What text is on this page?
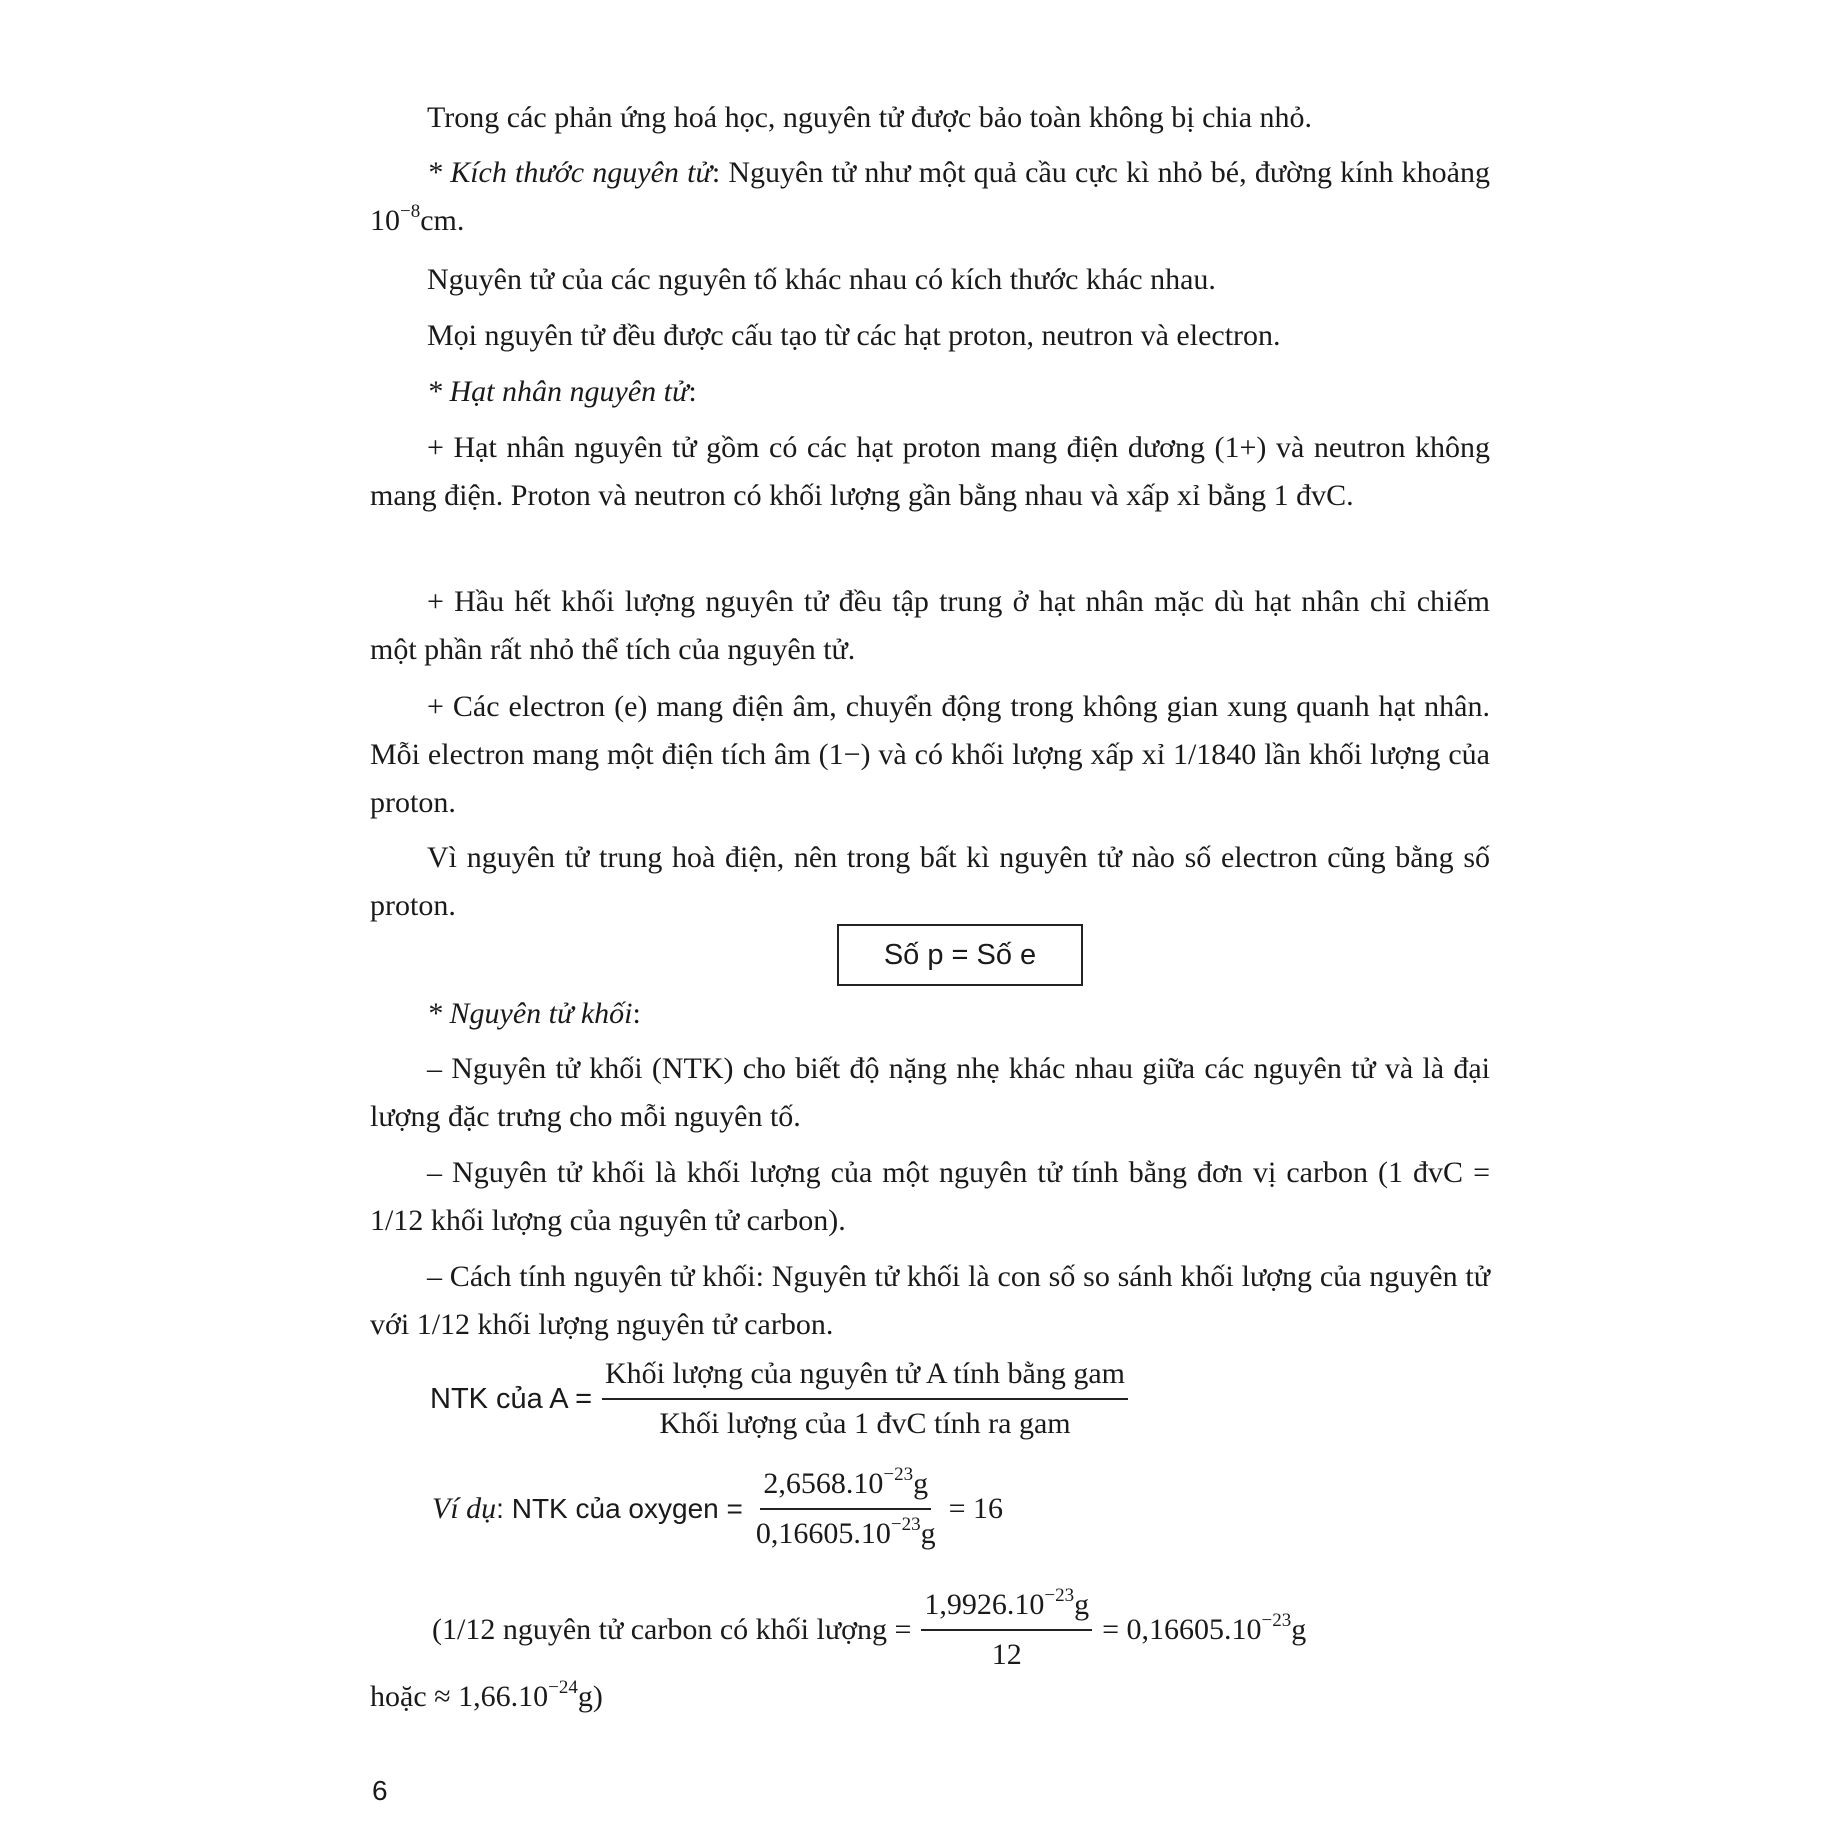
Trong các phản ứng hoá học, nguyên tử được bảo toàn không bị chia nhỏ.

* Kích thước nguyên tử: Nguyên tử như một quả cầu cực kì nhỏ bé, đường kính khoảng $10^{-8}cm$.

Nguyên tử của các nguyên tố khác nhau có kích thước khác nhau.

Mọi nguyên tử đều được cấu tạo từ các hạt proton, neutron và electron.

* Hạt nhân nguyên tử:

+ Hạt nhân nguyên tử gồm có các hạt proton mang điện dương (1+) và neutron không mang điện. Proton và neutron có khối lượng gần bằng nhau và xấp xỉ bằng 1 đvC.

+ Hầu hết khối lượng nguyên tử đều tập trung ở hạt nhân mặc dù hạt nhân chỉ chiếm một phần rất nhỏ thể tích của nguyên tử.

+ Các electron (e) mang điện âm, chuyển động trong không gian xung quanh hạt nhân. Mỗi electron mang một điện tích âm (1−) và có khối lượng xấp xỉ 1/1840 lần khối lượng của proton.

Vì nguyên tử trung hoà điện, nên trong bất kì nguyên tử nào số electron cũng bằng số proton.

Số p = Số e

* Nguyên tử khối:

– Nguyên tử khối (NTK) cho biết độ nặng nhẹ khác nhau giữa các nguyên tử và là đại lượng đặc trưng cho mỗi nguyên tố.

– Nguyên tử khối là khối lượng của một nguyên tử tính bằng đơn vị carbon (1 đvC = 1/12 khối lượng của nguyên tử carbon).

– Cách tính nguyên tử khối: Nguyên tử khối là con số so sánh khối lượng của nguyên tử với 1/12 khối lượng nguyên tử carbon.

NTK của $A = \frac{\text{Khối lượng của nguyên tử A tính bằng gam}}{\text{Khối lượng của 1 đvC tính ra gam}}$
Ví dụ : NTK của oxygen = $\frac{2,6568.10^{-23}g}{0,16605.10^{-23}g} = 16$
(1/12 nguyên tử carbon có khối lượng = $\frac{1,9926.10^{-23}g}{12} = 0,16605.10^{-23}g$

hoặc ≈ $1,66.10^{-24}g$)

6
